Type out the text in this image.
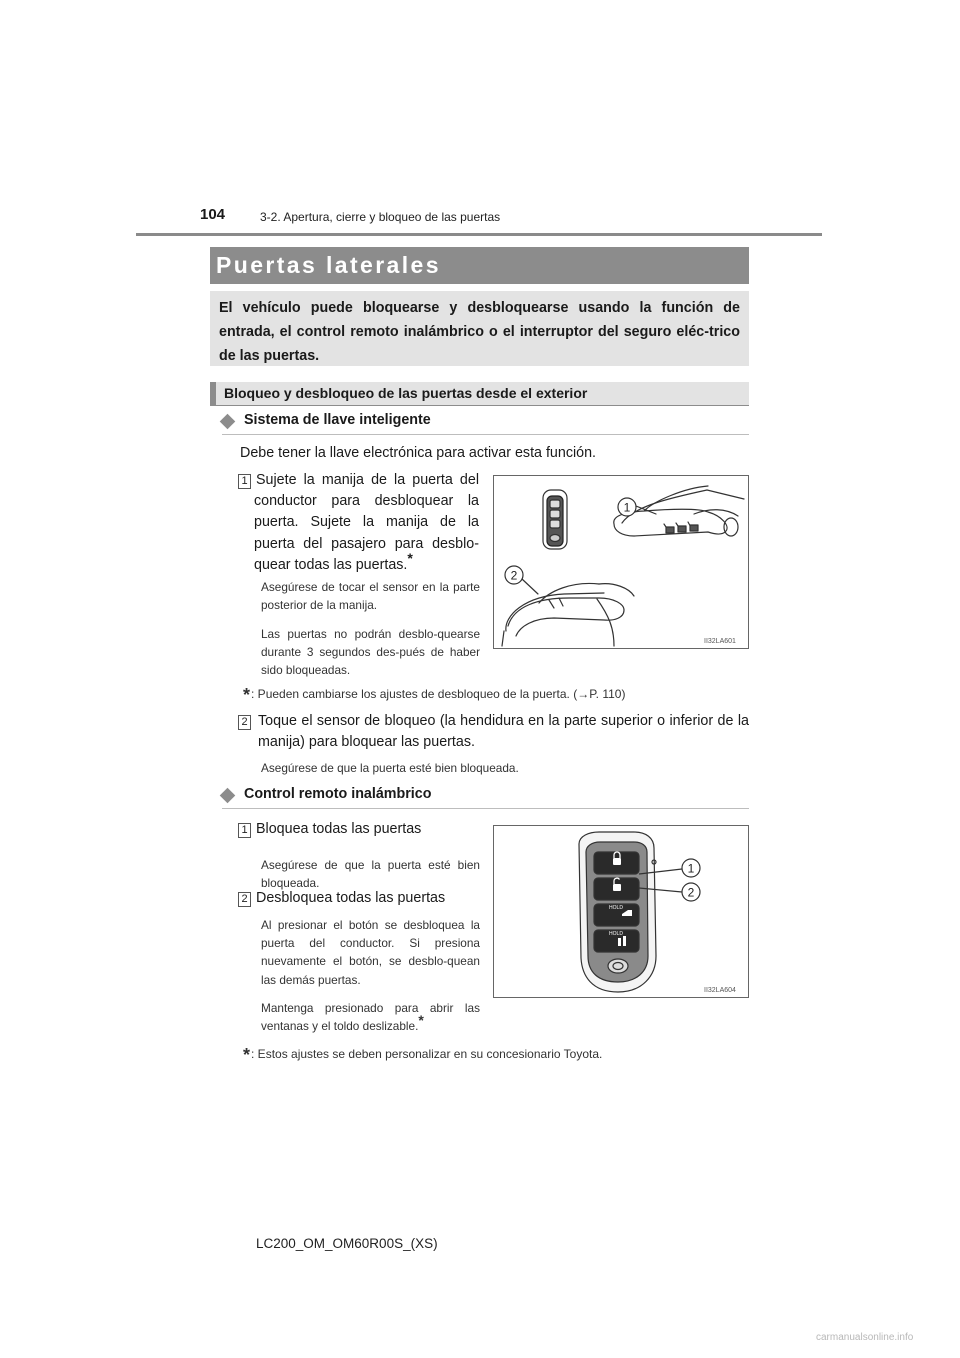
104	3-2. Apertura, cierre y bloqueo de las puertas
Puertas laterales
El vehículo puede bloquearse y desbloquearse usando la función de entrada, el control remoto inalámbrico o el interruptor del seguro eléc-trico de las puertas.
Bloqueo y desbloqueo de las puertas desde el exterior
Sistema de llave inteligente
Debe tener la llave electrónica para activar esta función.
1 Sujete la manija de la puerta del conductor para desbloquear la puerta. Sujete la manija de la puerta del pasajero para desblo-quear todas las puertas.*
Asegúrese de tocar el sensor en la parte posterior de la manija.
Las puertas no podrán desblo-quearse durante 3 segundos des-pués de haber sido bloqueadas.
1
2
II32LA601
*: Pueden cambiarse los ajustes de desbloqueo de la puerta. (→P. 110)
2 Toque el sensor de bloqueo (la hendidura en la parte superior o inferior de la manija) para bloquear las puertas.
Asegúrese de que la puerta esté bien bloqueada.
Control remoto inalámbrico
1 Bloquea todas las puertas
Asegúrese de que la puerta esté bien bloqueada.
2 Desbloquea todas las puertas
Al presionar el botón se desbloquea la puerta del conductor. Si presiona nuevamente el botón, se desblo-quean las demás puertas.
Mantenga presionado para abrir las ventanas y el toldo deslizable.*
HOLD
HOLD
1
2
II32LA604
*: Estos ajustes se deben personalizar en su concesionario Toyota.
LC200_OM_OM60R00S_(XS)
carmanualsonline.info
